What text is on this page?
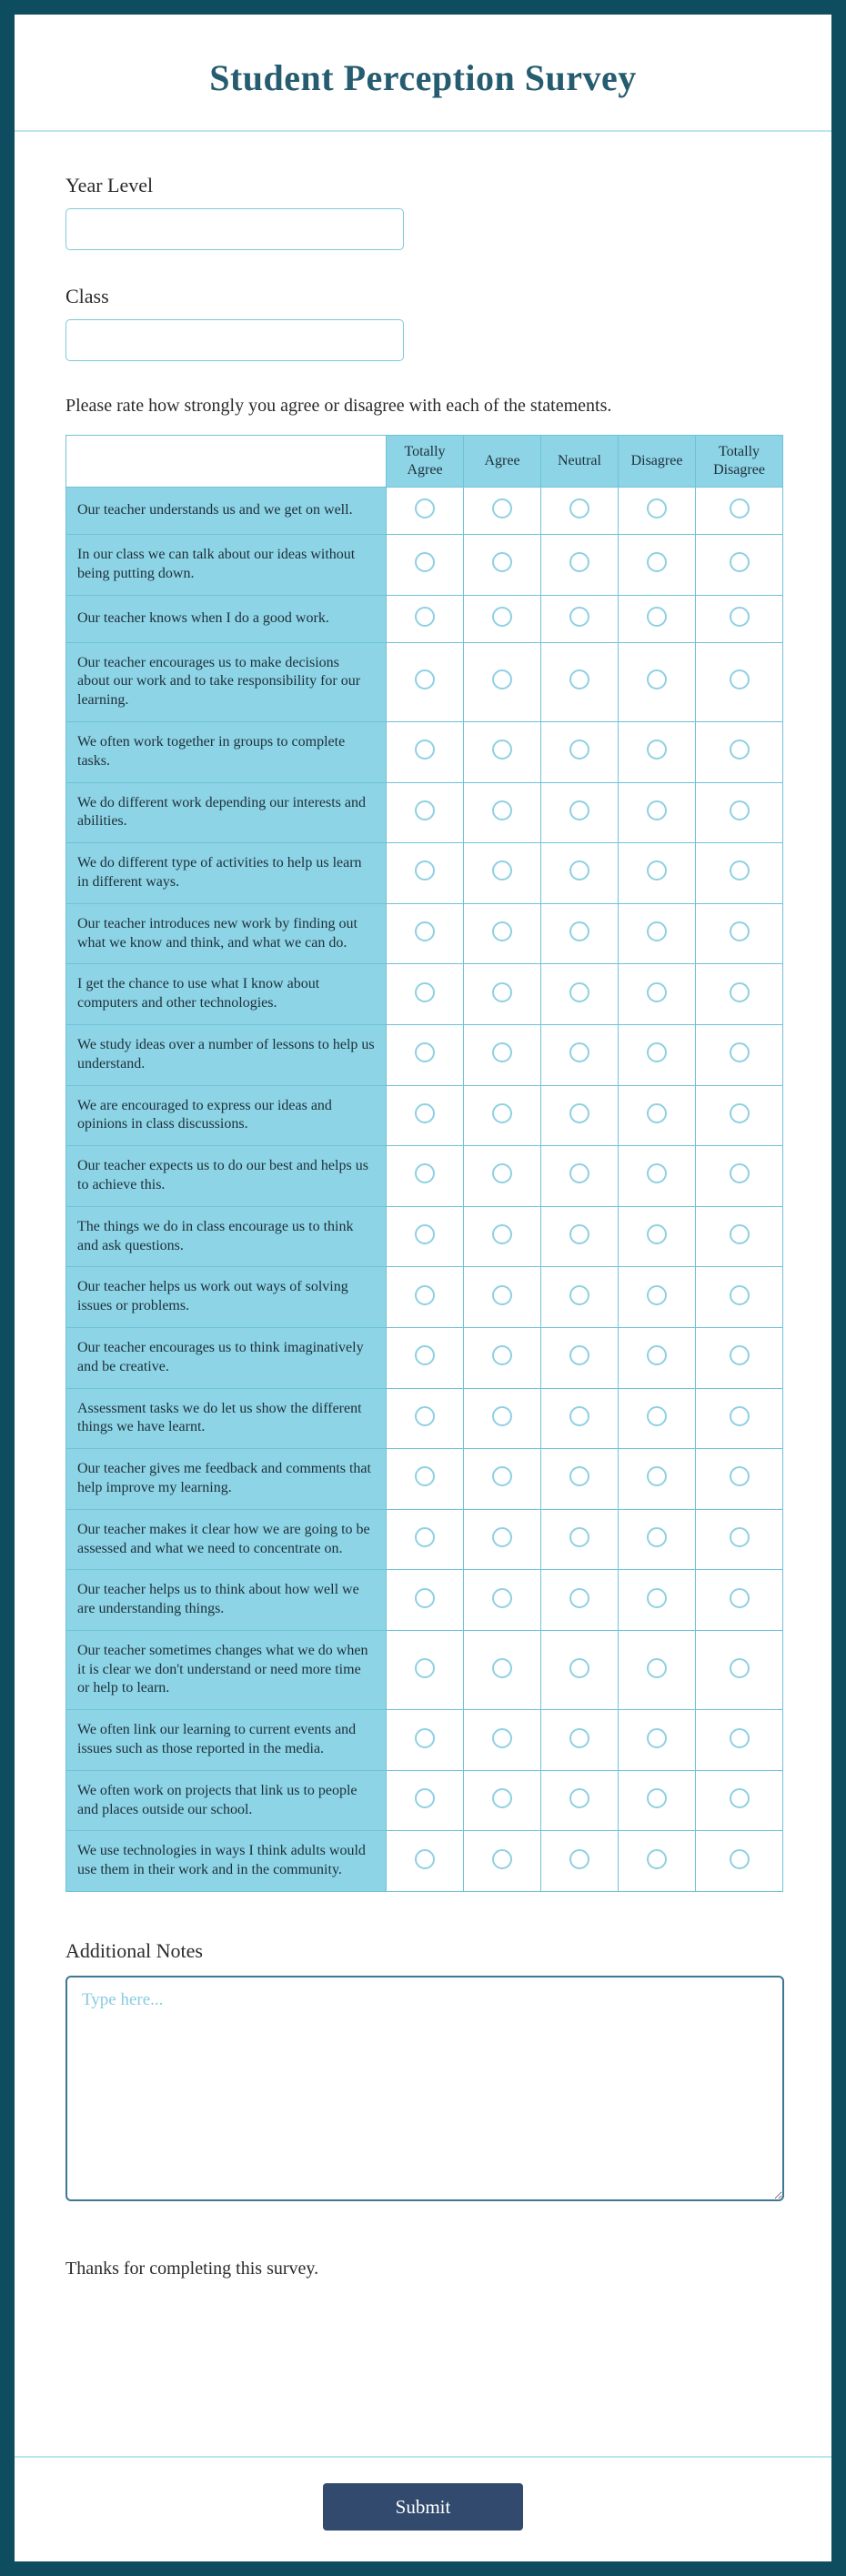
Student Perception Survey
Year Level
Class

Please rate how strongly you agree or disagree with each of the statements.

	Totally Agree	Agree	Neutral	Disagree	Totally Disagree
Our teacher understands us and we get on well.					
In our class we can talk about our ideas without being putting down.					
Our teacher knows when I do a good work.					
Our teacher encourages us to make decisions about our work and to take responsibility for our learning.					
We often work together in groups to complete tasks.					
We do different work depending our interests and abilities.					
We do different type of activities to help us learn in different ways.					
Our teacher introduces new work by finding out what we know and think, and what we can do.					
I get the chance to use what I know about computers and other technologies.					
We study ideas over a number of lessons to help us understand.					
We are encouraged to express our ideas and opinions in class discussions.					
Our teacher expects us to do our best and helps us to achieve this.					
The things we do in class encourage us to think and ask questions.					
Our teacher helps us work out ways of solving issues or problems.					
Our teacher encourages us to think imaginatively and be creative.					
Assessment tasks we do let us show the different things we have learnt.					
Our teacher gives me feedback and comments that help improve my learning.					
Our teacher makes it clear how we are going to be assessed and what we need to concentrate on.					
Our teacher helps us to think about how well we are understanding things.					
Our teacher sometimes changes what we do when it is clear we don't understand or need more time or help to learn.					
We often link our learning to current events and issues such as those reported in the media.					
We often work on projects that link us to people and places outside our school.					
We use technologies in ways I think adults would use them in their work and in the community.					
Additional Notes
Type here...

Thanks for completing this survey.

Submit
